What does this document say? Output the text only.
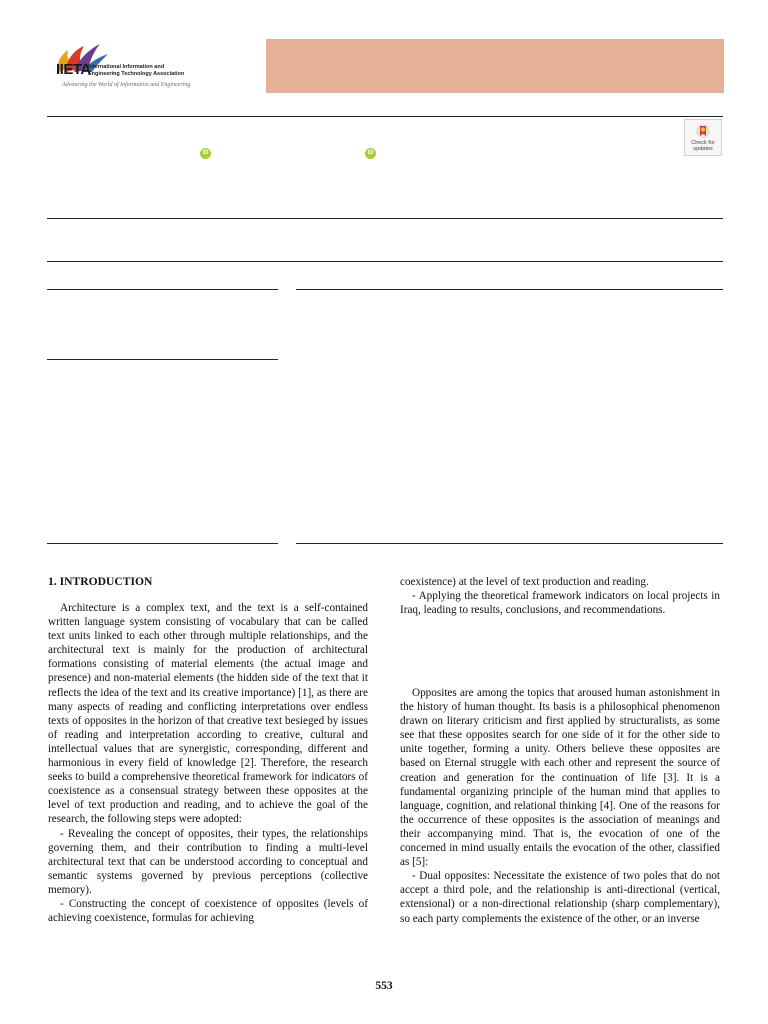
IIETA
International Information and
Engineering Technology Association
Advancing the World of Information and Engineering
iD	iD
Check for
updates
1. INTRODUCTION

Architecture is a complex text, and the text is a self-contained written language system consisting of vocabulary that can be called text units linked to each other through multiple relationships, and the architectural text is mainly for the production of architectural formations consisting of material elements (the actual image and presence) and non-material elements (the hidden side of the text that it reflects the idea of the text and its creative importance) [1], as there are many aspects of reading and conflicting interpretations over endless texts of opposites in the horizon of that creative text besieged by issues of reading and interpretation according to creative, cultural and intellectual values that are synergistic, corresponding, different and harmonious in every field of knowledge [2]. Therefore, the research seeks to build a comprehensive theoretical framework for indicators of coexistence as a consensual strategy between these opposites at the level of text production and reading, and to achieve the goal of the research, the following steps were adopted:

- Revealing the concept of opposites, their types, the relationships governing them, and their contribution to finding a multi-level architectural text that can be understood according to conceptual and semantic systems governed by previous perceptions (collective memory).

- Constructing the concept of coexistence of opposites (levels of achieving coexistence, formulas for achieving

coexistence) at the level of text production and reading.

- Applying the theoretical framework indicators on local projects in Iraq, leading to results, conclusions, and recommendations.

Opposites are among the topics that aroused human astonishment in the history of human thought. Its basis is a philosophical phenomenon drawn on literary criticism and first applied by structuralists, as some see that these opposites search for one side of it for the other side to unite together, forming a unity. Others believe these opposites are based on Eternal struggle with each other and represent the source of creation and generation for the continuation of life [3]. It is a fundamental organizing principle of the human mind that applies to language, cognition, and relational thinking [4]. One of the reasons for the occurrence of these opposites is the association of meanings and their accompanying mind. That is, the evocation of one of the concerned in mind usually entails the evocation of the other, classified as [5]:

- Dual opposites: Necessitate the existence of two poles that do not accept a third pole, and the relationship is anti-directional (vertical, extensional) or a non-directional relationship (sharp complementary), so each party complements the existence of the other, or an inverse

553
